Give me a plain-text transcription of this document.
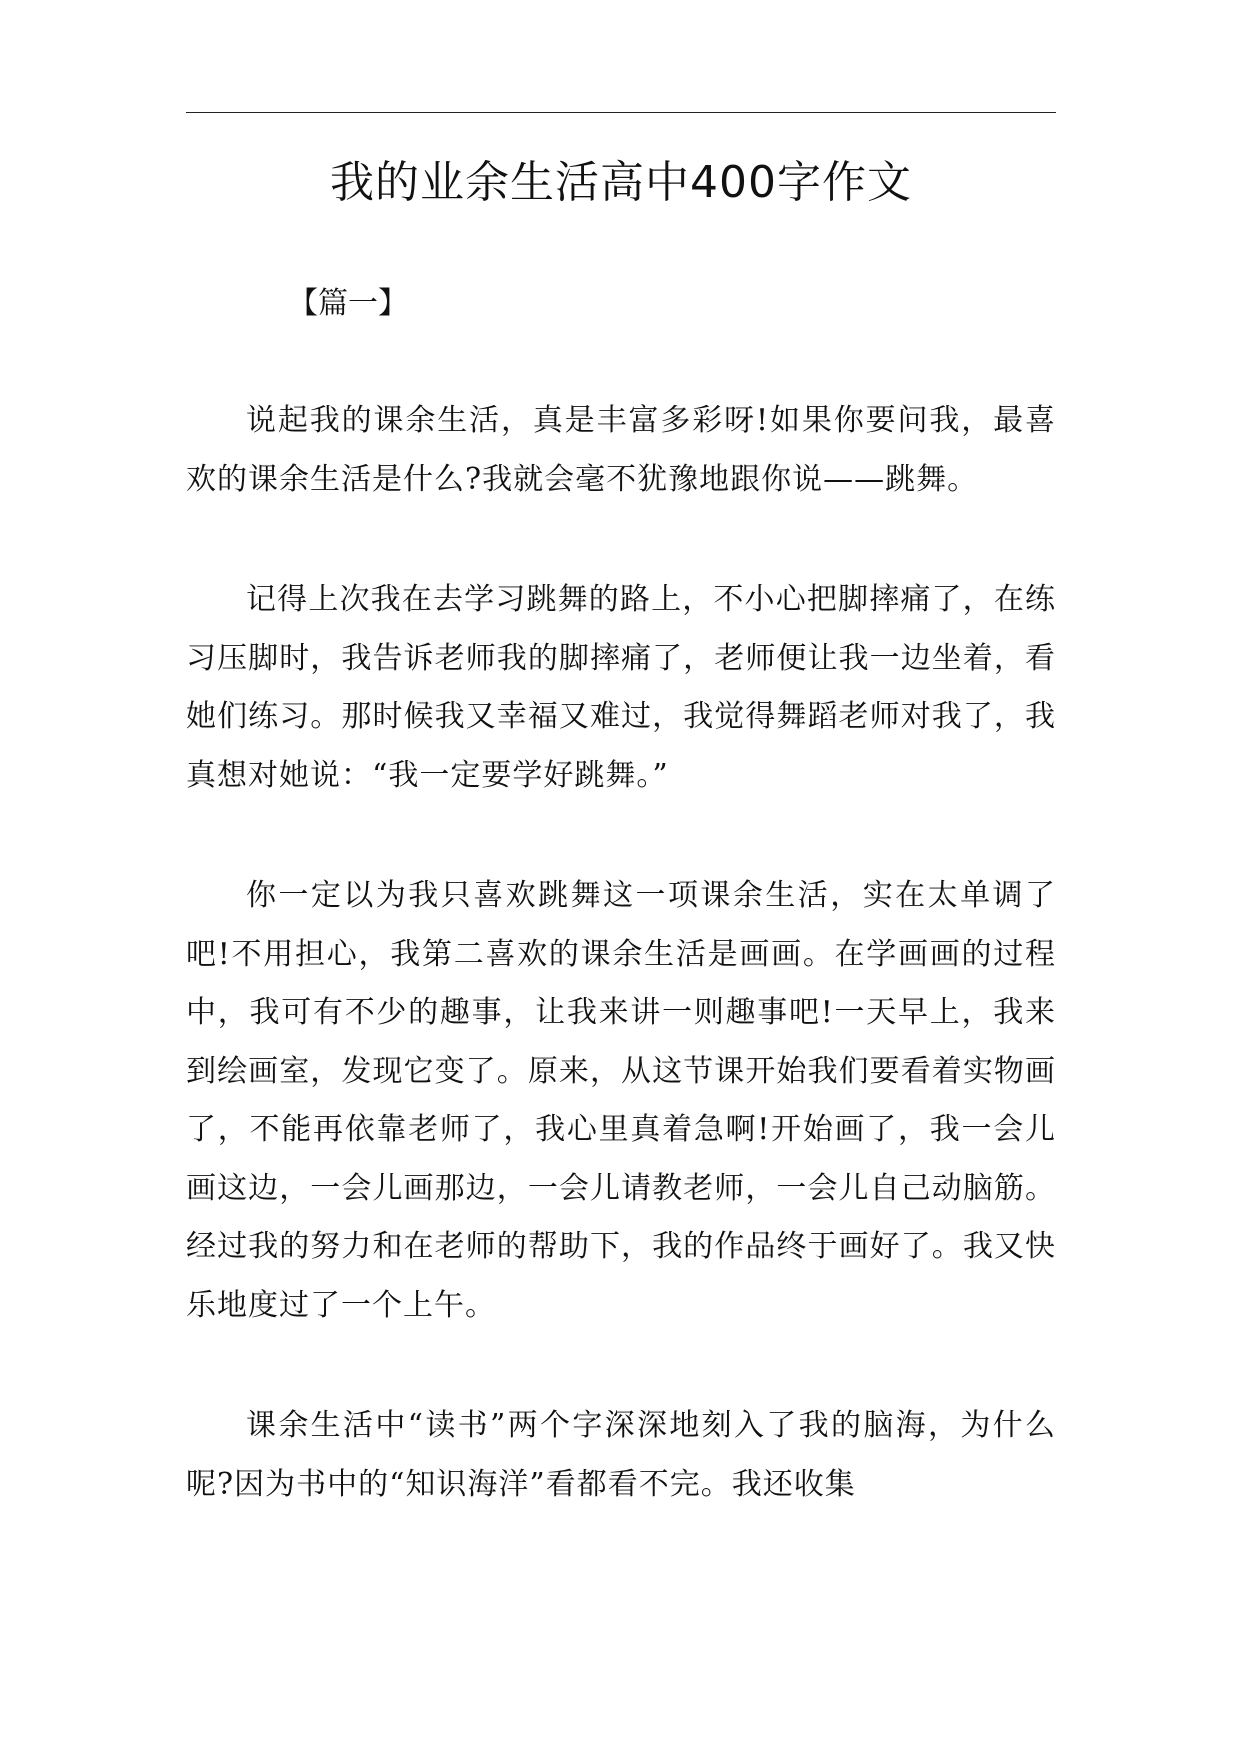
我的业余生活高中400字作文
【篇一】

说起我的课余生活，真是丰富多彩呀!如果你要问我，最喜欢的课余生活是什么?我就会毫不犹豫地跟你说——跳舞。

记得上次我在去学习跳舞的路上，不小心把脚摔痛了，在练习压脚时，我告诉老师我的脚摔痛了，老师便让我一边坐着，看她们练习。那时候我又幸福又难过，我觉得舞蹈老师对我了，我真想对她说：“我一定要学好跳舞。”

你一定以为我只喜欢跳舞这一项课余生活，实在太单调了吧!不用担心，我第二喜欢的课余生活是画画。在学画画的过程中，我可有不少的趣事，让我来讲一则趣事吧!一天早上，我来到绘画室，发现它变了。原来，从这节课开始我们要看着实物画了，不能再依靠老师了，我心里真着急啊!开始画了，我一会儿画这边，一会儿画那边，一会儿请教老师，一会儿自己动脑筋。经过我的努力和在老师的帮助下，我的作品终于画好了。我又快乐地度过了一个上午。

课余生活中“读书”两个字深深地刻入了我的脑海，为什么呢?因为书中的“知识海洋”看都看不完。我还收集
